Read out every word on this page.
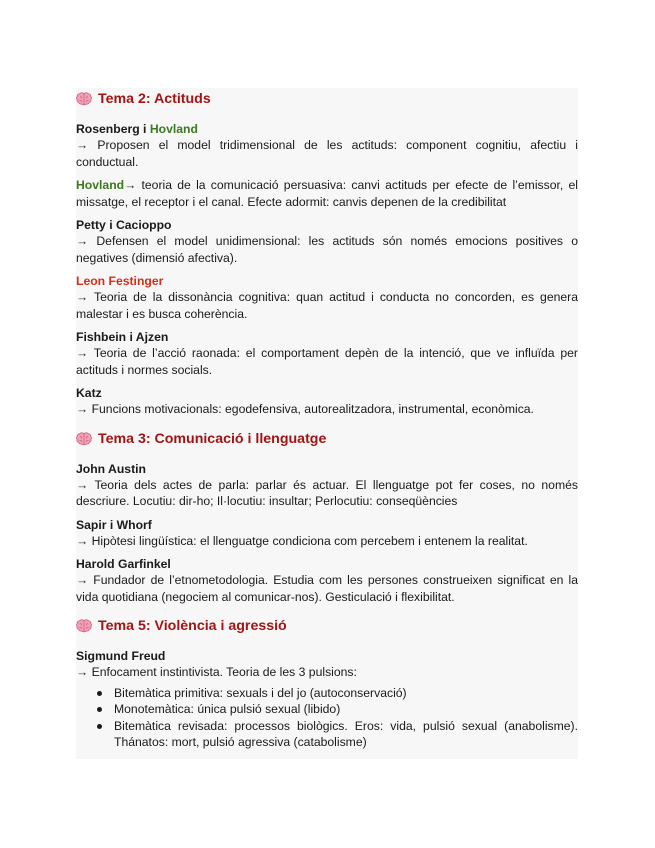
Tema 2: Actituds

Rosenberg i Hovland

→ Proposen el model tridimensional de les actituds: component cognitiu, afectiu i conductual.

Hovland→ teoria de la comunicació persuasiva: canvi actituds per efecte de l’emissor, el missatge, el receptor i el canal. Efecte adormit: canvis depenen de la credibilitat

Petty i Cacioppo

→ Defensen el model unidimensional: les actituds són només emocions positives o negatives (dimensió afectiva).

Leon Festinger

→ Teoria de la dissonància cognitiva: quan actitud i conducta no concorden, es genera malestar i es busca coherència.

Fishbein i Ajzen

→ Teoria de l’acció raonada: el comportament depèn de la intenció, que ve influïda per actituds i normes socials.

Katz

→ Funcions motivacionals: egodefensiva, autorealitzadora, instrumental, econòmica.

Tema 3: Comunicació i llenguatge

John Austin

→ Teoria dels actes de parla: parlar és actuar. El llenguatge pot fer coses, no només descriure. Locutiu: dir-ho; Il·locutiu: insultar; Perlocutiu: conseqüències

Sapir i Whorf

→ Hipòtesi lingüística: el llenguatge condiciona com percebem i entenem la realitat.

Harold Garfinkel

→ Fundador de l’etnometodologia. Estudia com les persones construeixen significat en la vida quotidiana (negociem al comunicar-nos). Gesticulació i flexibilitat.

Tema 5: Violència i agressió

Sigmund Freud

→ Enfocament instintivista. Teoria de les 3 pulsions:

Bitemàtica primitiva: sexuals i del jo (autoconservació)
Monotemàtica: única pulsió sexual (libido)
Bitemàtica revisada: processos biològics. Eros: vida, pulsió sexual (anabolisme). Thánatos: mort, pulsió agressiva (catabolisme)
